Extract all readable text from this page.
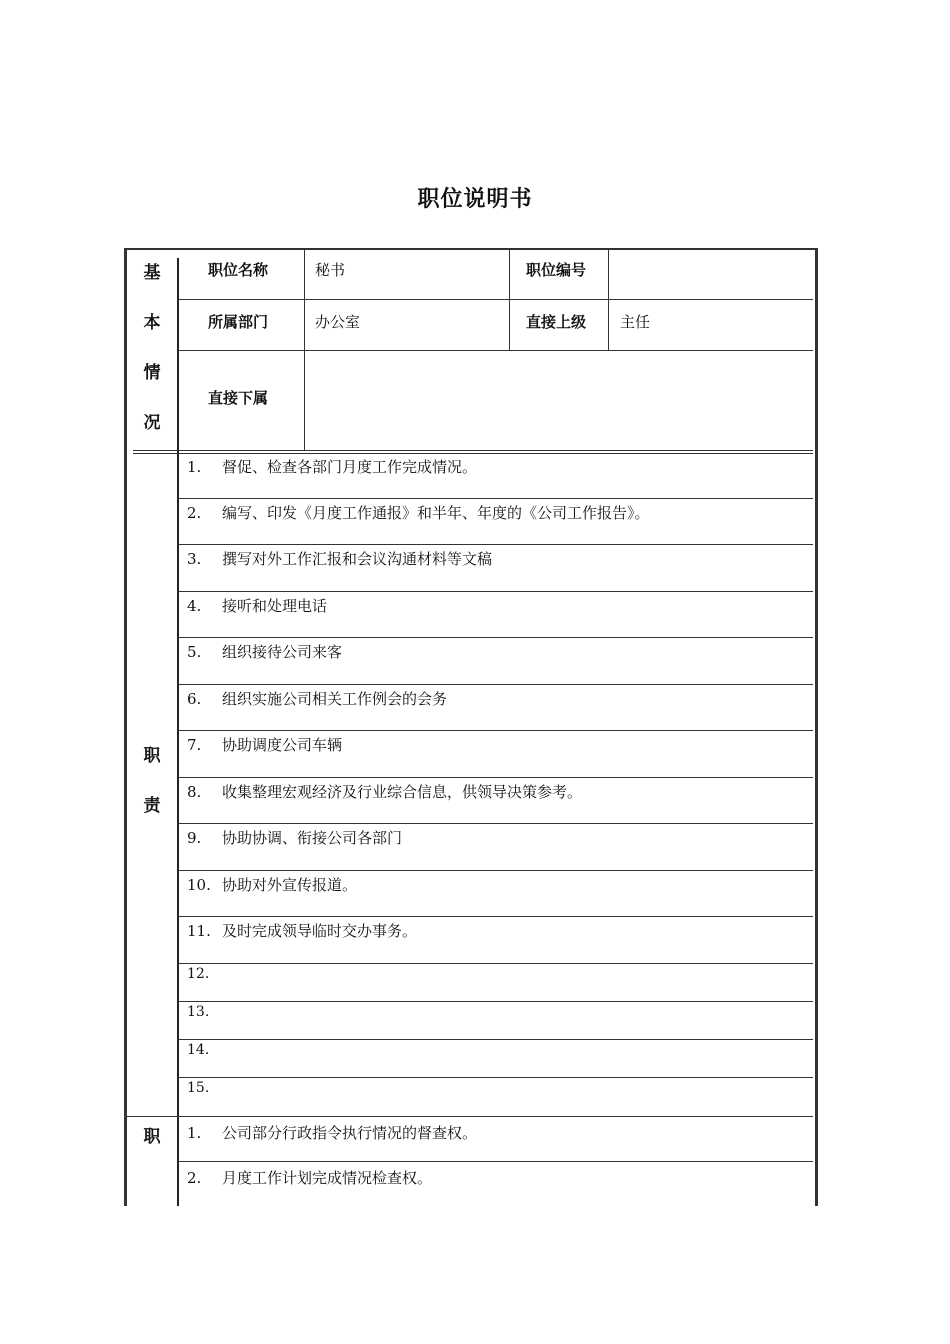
职位说明书
基
本
情
况
职位名称	秘书	职位编号
所属部门	办公室	直接上级 主任
直接下属
职
责
1. 督促、检查各部门月度工作完成情况。
2. 编写、印发《月度工作通报》和半年、年度的《公司工作报告》。
3. 撰写对外工作汇报和会议沟通材料等文稿
4. 接听和处理电话
5. 组织接待公司来客
6. 组织实施公司相关工作例会的会务
7. 协助调度公司车辆
8. 收集整理宏观经济及行业综合信息，供领导决策参考。
9. 协助协调、衔接公司各部门
10. 协助对外宣传报道。
11. 及时完成领导临时交办事务。
12.
13.
14.
15.
职	1. 公司部分行政指令执行情况的督查权。
2. 月度工作计划完成情况检查权。
